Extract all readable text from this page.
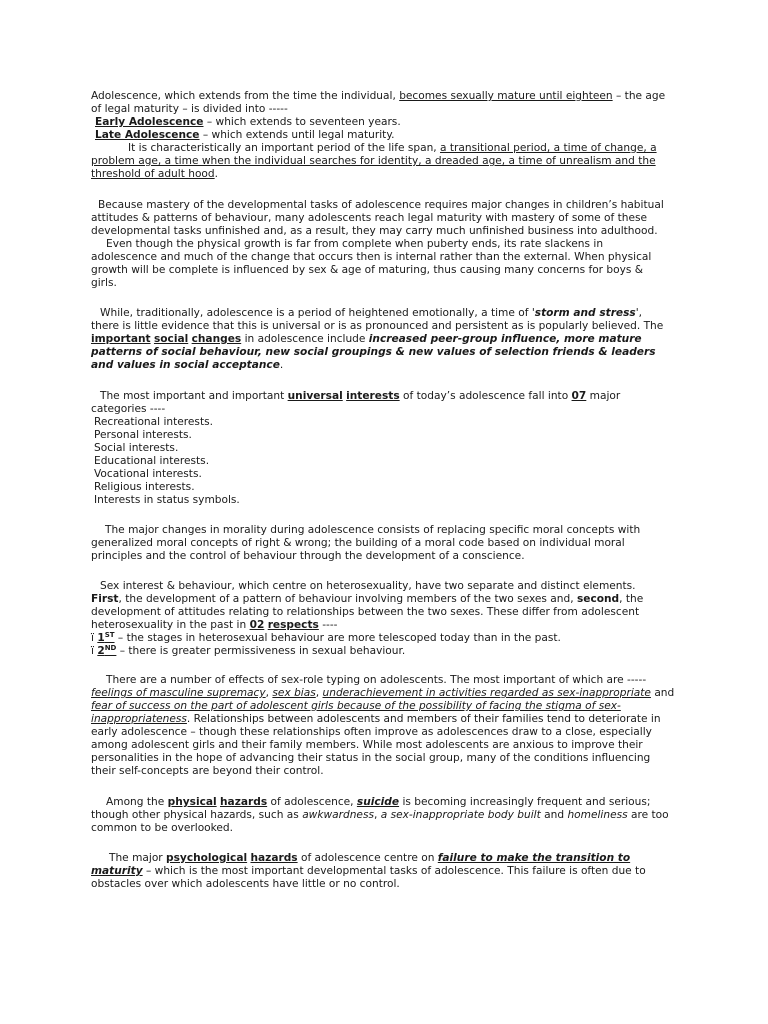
Adolescence, which extends from the time the individual, becomes sexually mature until eighteen – the age
of legal maturity – is divided into -----
Early Adolescence – which extends to seventeen years.
Late Adolescence – which extends until legal maturity.
It is characteristically an important period of the life span, a transitional period, a time of change, a
problem age, a time when the individual searches for identity, a dreaded age, a time of unrealism and the
threshold of adult hood.
Because mastery of the developmental tasks of adolescence requires major changes in children’s habitual
attitudes & patterns of behaviour, many adolescents reach legal maturity with mastery of some of these
developmental tasks unfinished and, as a result, they may carry much unfinished business into adulthood.
Even though the physical growth is far from complete when puberty ends, its rate slackens in
adolescence and much of the change that occurs then is internal rather than the external. When physical
growth will be complete is influenced by sex & age of maturing, thus causing many concerns for boys &
girls.
While, traditionally, adolescence is a period of heightened emotionally, a time of 'storm and stress',
there is little evidence that this is universal or is as pronounced and persistent as is popularly believed. The
important social changes in adolescence include increased peer-group influence, more mature
patterns of social behaviour, new social groupings & new values of selection friends & leaders
and values in social acceptance.
The most important and important universal interests of today’s adolescence fall into 07 major
categories ----
Recreational interests.
Personal interests.
Social interests.
Educational interests.
Vocational interests.
Religious interests.
Interests in status symbols.
The major changes in morality during adolescence consists of replacing specific moral concepts with
generalized moral concepts of right & wrong; the building of a moral code based on individual moral
principles and the control of behaviour through the development of a conscience.
Sex interest & behaviour, which centre on heterosexuality, have two separate and distinct elements.
First, the development of a pattern of behaviour involving members of the two sexes and, second, the
development of attitudes relating to relationships between the two sexes. These differ from adolescent
heterosexuality in the past in 02 respects ----
ï 1ST – the stages in heterosexual behaviour are more telescoped today than in the past.
ï 2ND – there is greater permissiveness in sexual behaviour.
There are a number of effects of sex-role typing on adolescents. The most important of which are -----
feelings of masculine supremacy, sex bias, underachievement in activities regarded as sex-inappropriate and
fear of success on the part of adolescent girls because of the possibility of facing the stigma of sex-
inappropriateness. Relationships between adolescents and members of their families tend to deteriorate in
early adolescence – though these relationships often improve as adolescences draw to a close, especially
among adolescent girls and their family members. While most adolescents are anxious to improve their
personalities in the hope of advancing their status in the social group, many of the conditions influencing
their self-concepts are beyond their control.
Among the physical hazards of adolescence, suicide is becoming increasingly frequent and serious;
though other physical hazards, such as awkwardness, a sex-inappropriate body built and homeliness are too
common to be overlooked.
The major psychological hazards of adolescence centre on failure to make the transition to
maturity – which is the most important developmental tasks of adolescence. This failure is often due to
obstacles over which adolescents have little or no control.
